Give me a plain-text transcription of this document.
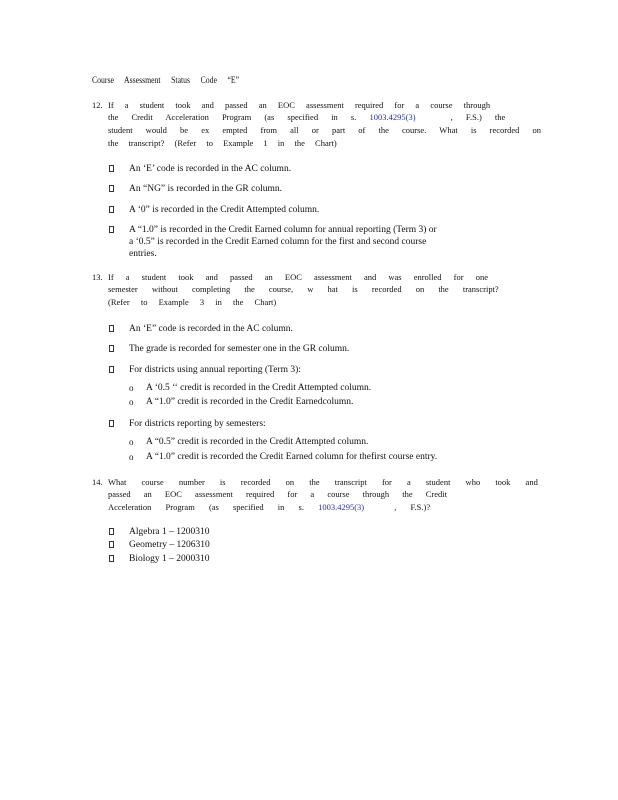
Course Assessment Status Code “E”
12. If a student took and passed an EOC assessment required for a course through
the Credit Acceleration Program (as specified in s. 1003.4295(3)	, F.S.) the
student would be ex empted from all or part of the course. What is recorded on
the transcript? (Refer to Example 1 in the Chart)
An ‘E’ code is recorded in the AC column.
An “NG” is recorded in the GR column.
A ‘0” is recorded in the Credit Attempted column.
A “1.0” is recorded in the Credit Earned column for annual reporting (Term 3) or
a ‘0.5” is recorded in the Credit Earned column for the first and second course
entries.
13. If a student took and passed an EOC assessment and was enrolled for one
semester without completing the course, w hat is recorded on the transcript?
(Refer to Example 3 in the Chart)
An ‘E” code is recorded in the AC column.
The grade is recorded for semester one in the GR column.
For districts using annual reporting (Term 3):
o A ‘0.5 ‘‘ credit is recorded in the Credit Attempted column.
o A “1.0” credit is recorded in the Credit Earnedcolumn.
For districts reporting by semesters:
o A “0.5” credit is recorded in the Credit Attempted column.
o A “1.0” credit is recorded the Credit Earned column for thefirst course entry.
14. What course number is recorded on the transcript for a student who took and
passed an EOC assessment required for a course through the Credit
Acceleration Program (as specified in s. 1003.4295(3)	, F.S.)?
Algebra 1 – 1200310
Geometry – 1206310
Biology 1 – 2000310
